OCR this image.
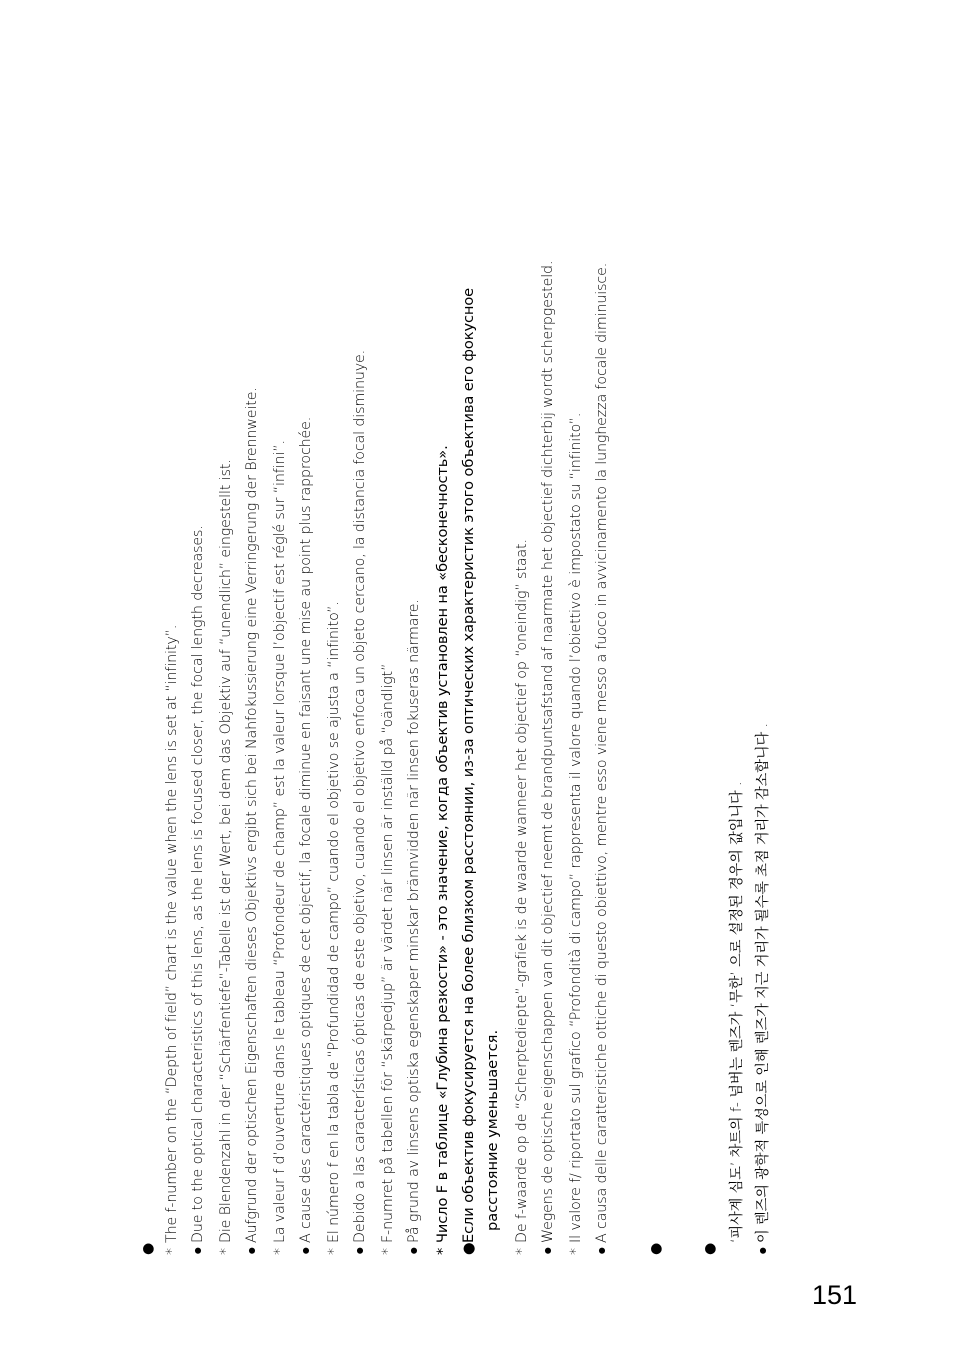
● *The f-number on the “Depth of field” chart is the value when the lens is set at “infinity”.
●Due to the optical characteristics of this lens, as the lens is focused closer, the focal length decreases.
*Die Blendenzahl in der “Schärfentiefe”-Tabelle ist der Wert, bei dem das Objektiv auf “unendlich” eingestellt ist.
●Aufgrund der optischen Eigenschaften dieses Objektivs ergibt sich bei Nahfokussierung eine Verringerung der Brennweite.
*La valeur f d’ouverture dans le tableau “Profondeur de champ” est la valeur lorsque l’objectif est réglé sur “infini”.
●A cause des caractéristiques optiques de cet objectif, la focale diminue en faisant une mise au point plus rapprochée.
*El número f en la tabla de “Profundidad de campo” cuando el objetivo se ajusta a “infinito”.
●Debido a las características ópticas de este objetivo, cuando el objetivo enfoca un objeto cercano, la distancia focal disminuye.
*F-numret på tabellen för “skärpedjup” är värdet när linsen är inställd på “oändligt”
●På grund av linsens optiska egenskaper minskar brännvidden när linsen fokuseras närmare.
*Число F в таблице «Глубина резкости» - это значение, когда объектив установлен на «бесконечность».
●Если объектив фокусируется на более близком расстоянии, из-за оптических характеристик этого объектива его фокусное расстояние уменьшается.
*De f-waarde op de “Scherptediepte”-grafiek is de waarde wanneer het objectief op “oneindig” staat.
●Wegens de optische eigenschappen van dit objectief neemt de brandpuntsafstand af naarmate het objectief dichterbij wordt scherpgesteld.
*Il valore f/ riportato sul grafico “Profondità di campo” rappresenta il valore quando l’obiettivo è impostato su “infinito”.
●A causa delle caratteristiche ottiche di questo obiettivo, mentre esso viene messo a fuoco in avvicinamento la lunghezza focale diminuisce.
●	●
‘피사계 심도’ 차트의 f- 넘버는 렌즈가 ‘무한’ 으로 설정된 경우의 값입니다 .
●이 렌즈의 광학적 특성으로 인해 렌즈가 지근 거리가 될수록 초점 거리가 감소합니다 .
151
